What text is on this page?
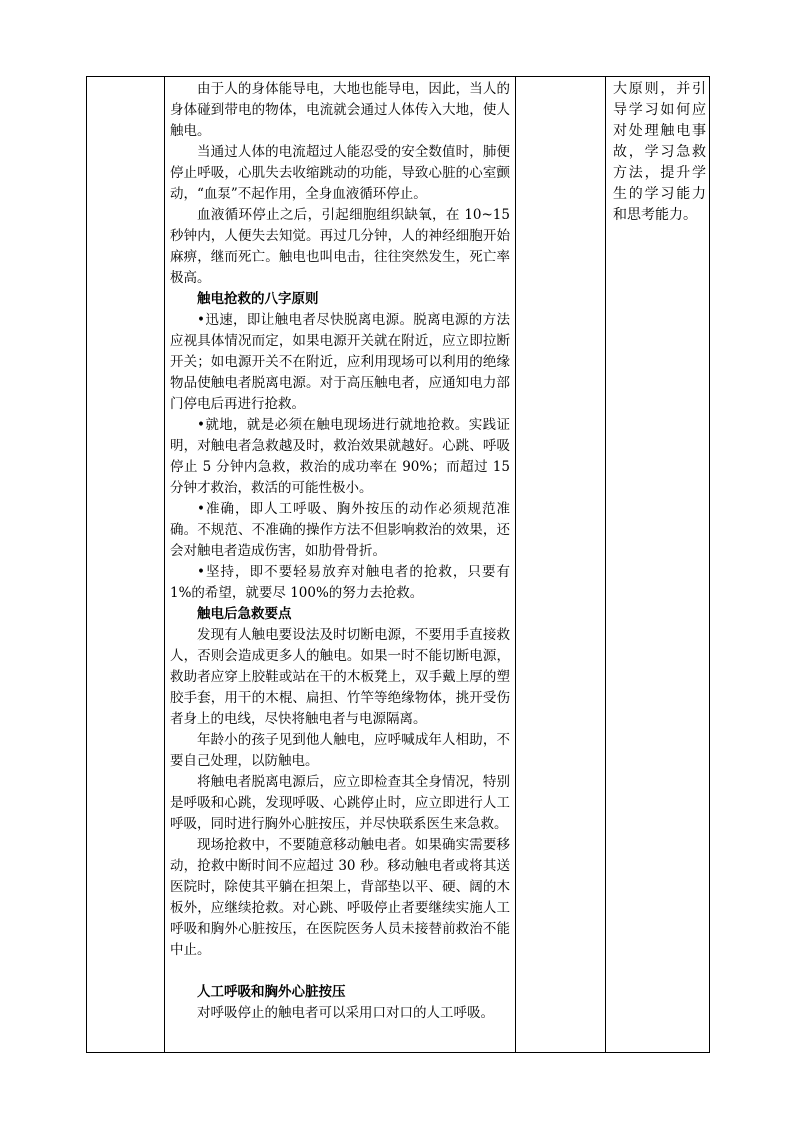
由于人的身体能导电，大地也能导电，因此，当人的身体碰到带电的物体，电流就会通过人体传入大地，使人触电。

当通过人体的电流超过人能忍受的安全数值时，肺便停止呼吸，心肌失去收缩跳动的功能，导致心脏的心室颤动，“血泵”不起作用，全身血液循环停止。

血液循环停止之后，引起细胞组织缺氧，在 10~15 秒钟内，人便失去知觉。再过几分钟，人的神经细胞开始麻痹，继而死亡。触电也叫电击，往往突然发生，死亡率极高。

触电抢救的八字原则

•迅速，即让触电者尽快脱离电源。脱离电源的方法应视具体情况而定，如果电源开关就在附近，应立即拉断开关；如电源开关不在附近，应利用现场可以利用的绝缘物品使触电者脱离电源。对于高压触电者，应通知电力部门停电后再进行抢救。

•就地，就是必须在触电现场进行就地抢救。实践证明，对触电者急救越及时，救治效果就越好。心跳、呼吸停止 5 分钟内急救，救治的成功率在 90%；而超过 15 分钟才救治，救活的可能性极小。

•准确，即人工呼吸、胸外按压的动作必须规范准确。不规范、不准确的操作方法不但影响救治的效果，还会对触电者造成伤害，如肋骨骨折。

•坚持，即不要轻易放弃对触电者的抢救，只要有 1%的希望，就要尽 100%的努力去抢救。

触电后急救要点

发现有人触电要设法及时切断电源，不要用手直接救人，否则会造成更多人的触电。如果一时不能切断电源，救助者应穿上胶鞋或站在干的木板凳上，双手戴上厚的塑胶手套，用干的木棍、扁担、竹竿等绝缘物体，挑开受伤者身上的电线，尽快将触电者与电源隔离。

年龄小的孩子见到他人触电，应呼喊成年人相助，不要自己处理，以防触电。

将触电者脱离电源后，应立即检查其全身情况，特别是呼吸和心跳，发现呼吸、心跳停止时，应立即进行人工呼吸，同时进行胸外心脏按压，并尽快联系医生来急救。

现场抢救中，不要随意移动触电者。如果确实需要移动，抢救中断时间不应超过 30 秒。移动触电者或将其送医院时，除使其平躺在担架上，背部垫以平、硬、阔的木板外，应继续抢救。对心跳、呼吸停止者要继续实施人工呼吸和胸外心脏按压，在医院医务人员未接替前救治不能中止。

人工呼吸和胸外心脏按压

对呼吸停止的触电者可以采用口对口的人工呼吸。

大原则，并引导学习如何应对处理触电事故，学习急救方法，提升学生的学习能力和思考能力。
